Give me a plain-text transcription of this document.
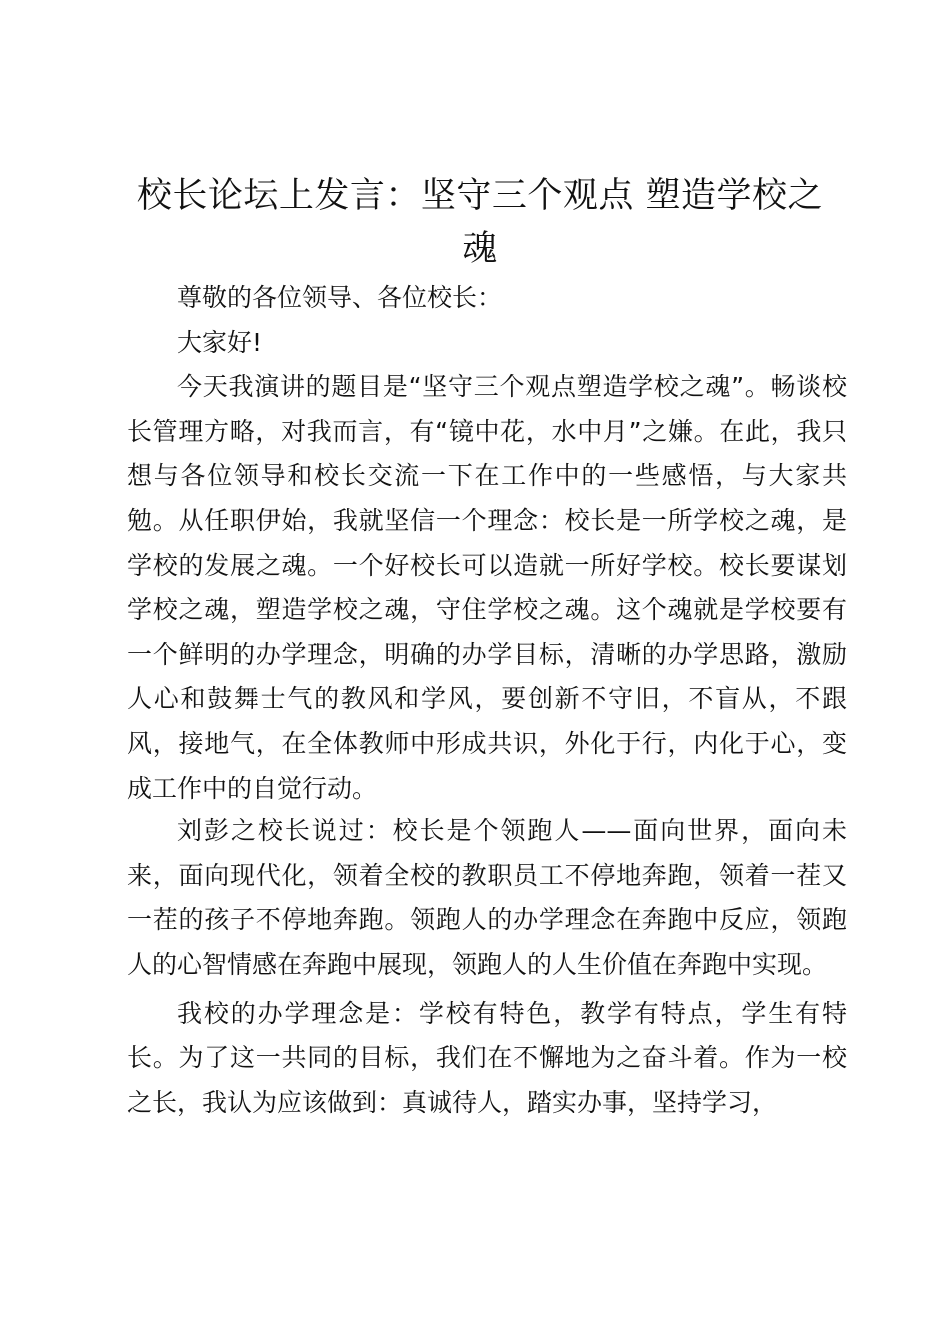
校长论坛上发言：坚守三个观点 塑造学校之魂

尊敬的各位领导、各位校长：

大家好!

今天我演讲的题目是“坚守三个观点塑造学校之魂”。畅谈校长管理方略，对我而言，有“镜中花，水中月”之嫌。在此，我只想与各位领导和校长交流一下在工作中的一些感悟，与大家共勉。从任职伊始，我就坚信一个理念：校长是一所学校之魂，是学校的发展之魂。一个好校长可以造就一所好学校。校长要谋划学校之魂，塑造学校之魂，守住学校之魂。这个魂就是学校要有一个鲜明的办学理念，明确的办学目标，清晰的办学思路，激励人心和鼓舞士气的教风和学风，要创新不守旧，不盲从，不跟风，接地气，在全体教师中形成共识，外化于行，内化于心，变成工作中的自觉行动。

刘彭之校长说过：校长是个领跑人——面向世界，面向未来，面向现代化，领着全校的教职员工不停地奔跑，领着一茬又一茬的孩子不停地奔跑。领跑人的办学理念在奔跑中反应，领跑人的心智情感在奔跑中展现，领跑人的人生价值在奔跑中实现。

我校的办学理念是：学校有特色，教学有特点，学生有特长。为了这一共同的目标，我们在不懈地为之奋斗着。作为一校之长，我认为应该做到：真诚待人，踏实办事，坚持学习，
